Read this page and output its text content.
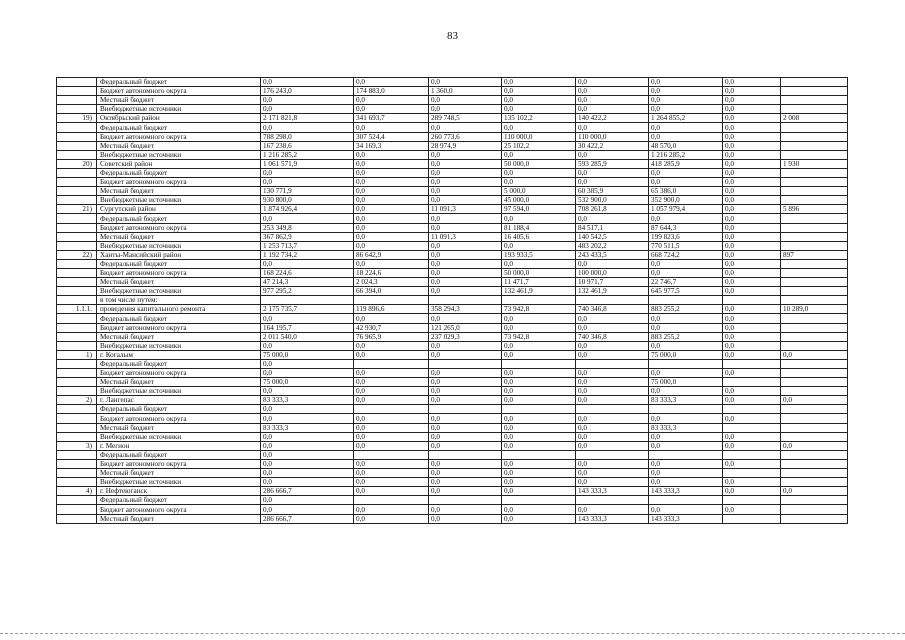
83
	Федеральный бюджет	0,0	0,0	0,0	0,0	0,0	0,0	0,0	
	Бюджет автономного округа	176 243,0	174 883,0	1 360,0	0,0	0,0	0,0	0,0	
	Местный бюджет	0,0	0,0	0,0	0,0	0,0	0,0	0,0	
	Внебюджетные источники	0,0	0,0	0,0	0,0	0,0	0,0	0,0	
19)	Октябрьский район	2 171 821,8	341 693,7	289 748,5	135 102,2	140 422,2	1 264 855,2	0,0	2 008
	Федеральный бюджет	0,0	0,0	0,0	0,0	0,0	0,0	0,0	
	Бюджет автономного округа	788 298,0	307 524,4	260 773,6	110 000,0	110 000,0	0,0	0,0	
	Местный бюджет	167 238,6	34 169,3	28 974,9	25 102,2	30 422,2	48 570,0	0,0	
	Внебюджетные источники	1 216 285,2	0,0	0,0	0,0	0,0	1 216 285,2	0,0	
20)	Советский район	1 061 571,9	0,0	0,0	50 000,0	593 285,9	418 285,9	0,0	1 930
	Федеральный бюджет	0,0	0,0	0,0	0,0	0,0	0,0	0,0	
	Бюджет автономного округа	0,0	0,0	0,0	0,0	0,0	0,0	0,0	
	Местный бюджет	130 771,9	0,0	0,0	5 000,0	60 385,9	65 386,0	0,0	
	Внебюджетные источники	930 800,0	0,0	0,0	45 000,0	532 900,0	352 900,0	0,0	
21)	Сургутский район	1 874 926,4	0,0	11 091,3	97 594,0	708 261,8	1 057 979,4	0,0	5 896
	Федеральный бюджет	0,0	0,0	0,0	0,0	0,0	0,0	0,0	
	Бюджет автономного округа	253 349,8	0,0	0,0	81 188,4	84 517,1	87 644,3	0,0	
	Местный бюджет	367 862,9	0,0	11 091,3	16 405,6	140 542,5	199 823,6	0,0	
	Внебюджетные источники	1 253 713,7	0,0	0,0	0,0	483 202,2	770 511,5	0,0	
22)	Ханты-Мансийский район	1 192 734,2	86 642,9	0,0	193 933,5	243 433,5	668 724,2	0,0	897
	Федеральный бюджет	0,0	0,0	0,0	0,0	0,0	0,0	0,0	
	Бюджет автономного округа	168 224,6	18 224,6	0,0	50 000,0	100 000,0	0,0	0,0	
	Местный бюджет	47 214,3	2 024,3	0,0	11 471,7	10 971,7	22 746,7	0,0	
	Внебюджетные источники	977 295,2	66 394,0	0,0	132 461,9	132 461,9	645 977,5	0,0	
	в том числе путем:								
1.1.1.	проведения капитального ремонта	2 175 735,7	119 896,6	358 294,3	73 942,8	740 346,8	883 255,2	0,0	10 289,0
	Федеральный бюджет	0,0	0,0	0,0	0,0	0,0	0,0	0,0	
	Бюджет автономного округа	164 195,7	42 930,7	121 265,0	0,0	0,0	0,0	0,0	
	Местный бюджет	2 011 540,0	76 965,9	237 029,3	73 942,8	740 346,8	883 255,2	0,0	
	Внебюджетные источники	0,0	0,0	0,0	0,0	0,0	0,0	0,0	
1)	г. Когалым	75 000,0	0,0	0,0	0,0	0,0	75 000,0	0,0	0,0
	Федеральный бюджет	0,0							
	Бюджет автономного округа	0,0	0,0	0,0	0,0	0,0	0,0	0,0	
	Местный бюджет	75 000,0	0,0	0,0	0,0	0,0	75 000,0		
	Внебюджетные источники	0,0	0,0	0,0	0,0	0,0	0,0	0,0	
2)	г. Лангепас	83 333,3	0,0	0,0	0,0	0,0	83 333,3	0,0	0,0
	Федеральный бюджет	0,0							
	Бюджет автономного округа	0,0	0,0	0,0	0,0	0,0	0,0	0,0	
	Местный бюджет	83 333,3	0,0	0,0	0,0	0,0	83 333,3		
	Внебюджетные источники	0,0	0,0	0,0	0,0	0,0	0,0	0,0	
3)	г. Мегион	0,0	0,0	0,0	0,0	0,0	0,0	0,0	0,0
	Федеральный бюджет	0,0							
	Бюджет автономного округа	0,0	0,0	0,0	0,0	0,0	0,0	0,0	
	Местный бюджет	0,0	0,0	0,0	0,0	0,0	0,0		
	Внебюджетные источники	0,0	0,0	0,0	0,0	0,0	0,0	0,0	
4)	г. Нефтеюганск	286 666,7	0,0	0,0	0,0	143 333,3	143 333,3	0,0	0,0
	Федеральный бюджет	0,0							
	Бюджет автономного округа	0,0	0,0	0,0	0,0	0,0	0,0	0,0	
	Местный бюджет	286 666,7	0,0	0,0	0,0	143 333,3	143 333,3		
